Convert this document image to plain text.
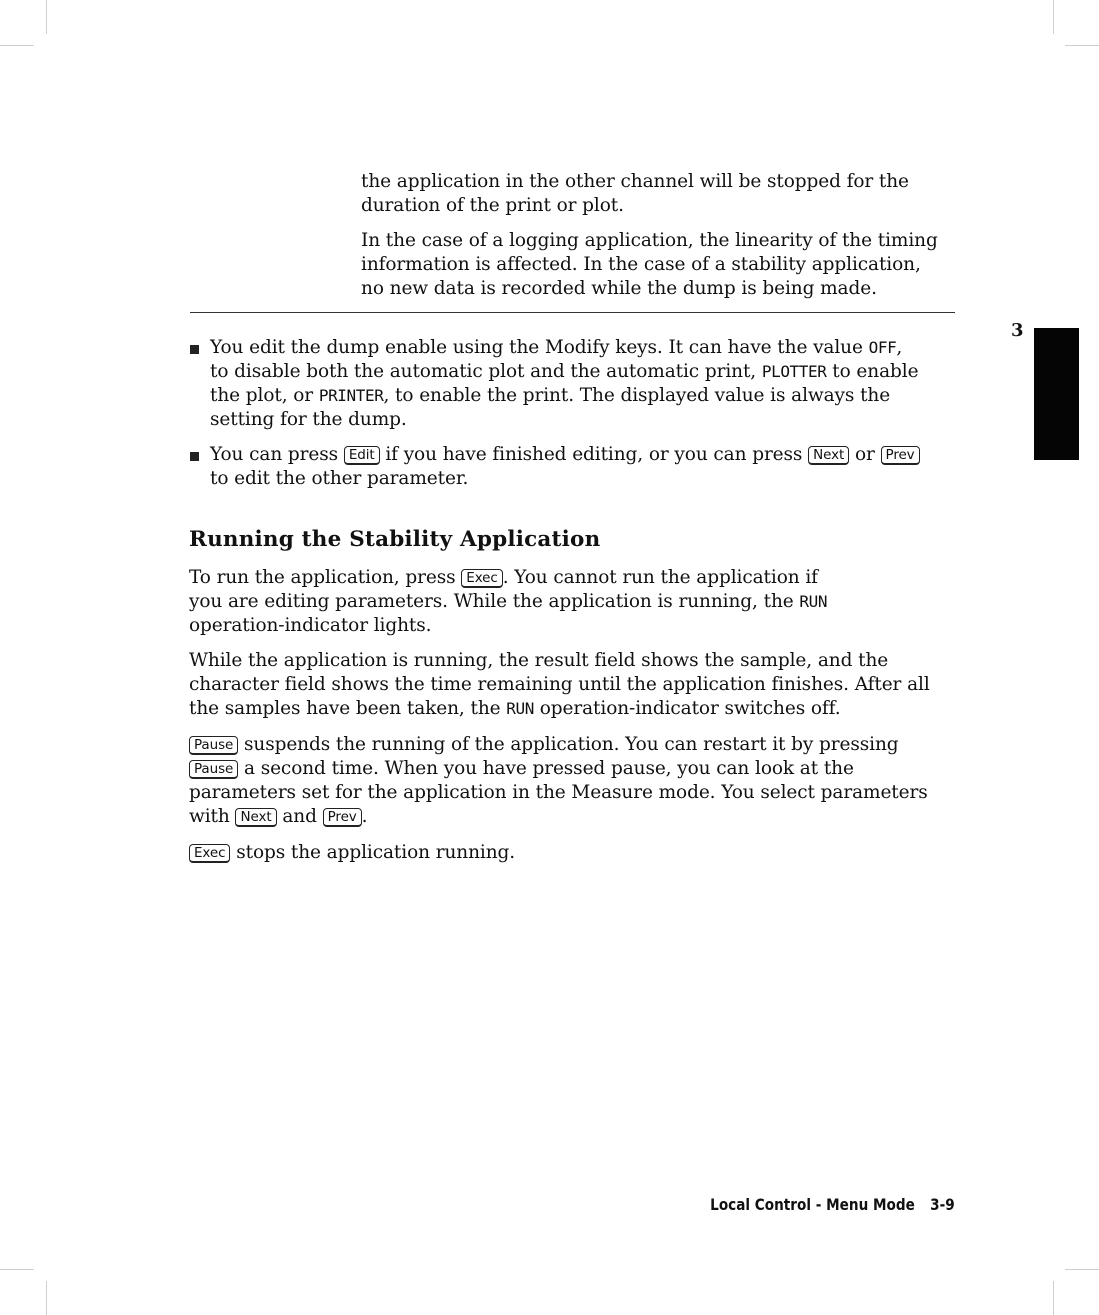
the application in the other channel will be stopped for the
duration of the print or plot.

In the case of a logging application, the linearity of the timing
information is affected. In the case of a stability application,
no new data is recorded while the dump is being made.

You edit the dump enable using the Modify keys. It can have the value OFF,
to disable both the automatic plot and the automatic print, PLOTTER to enable
the plot, or PRINTER, to enable the print. The displayed value is always the
setting for the dump.

You can press Edit if you have finished editing, or you can press Next or Prev
to edit the other parameter.

Running the Stability Application

To run the application, press Exec . You cannot run the application if
you are editing parameters. While the application is running, the RUN
operation-indicator lights.

While the application is running, the result field shows the sample, and the
character field shows the time remaining until the application finishes. After all
the samples have been taken, the RUN operation-indicator switches off.

Pause suspends the running of the application. You can restart it by pressing
Pause a second time. When you have pressed pause, you can look at the
parameters set for the application in the Measure mode. You select parameters
with Next and Prev .

Exec stops the application running.

3
Local Control - Menu Mode 3-9
